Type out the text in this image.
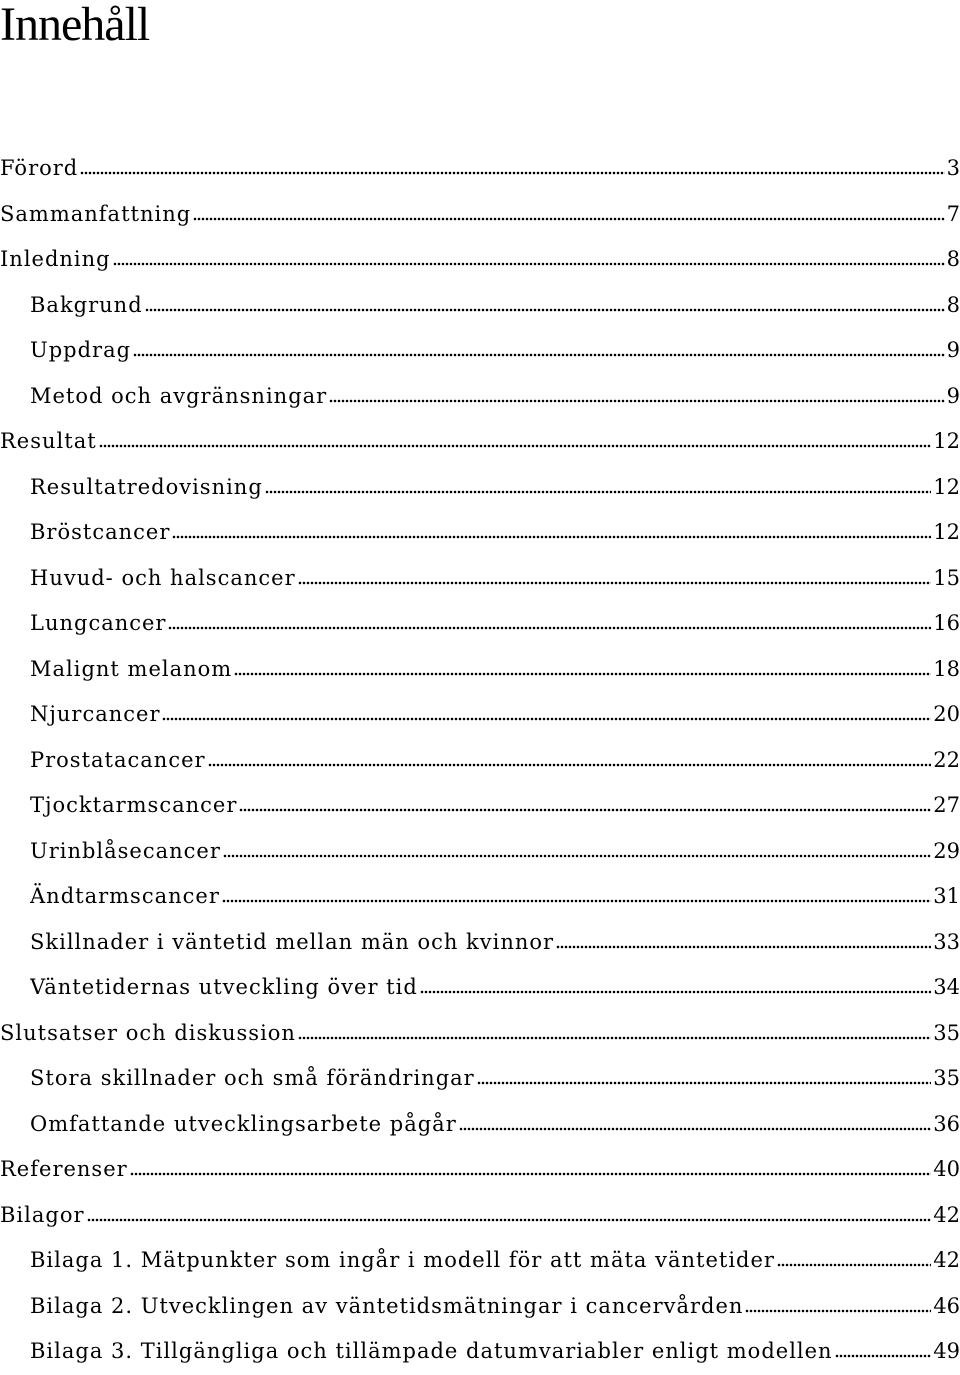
Innehåll
Förord	3
Sammanfattning	7
Inledning	8
Bakgrund	8
Uppdrag	9
Metod och avgränsningar	9
Resultat	12
Resultatredovisning	12
Bröstcancer	12
Huvud- och halscancer	15
Lungcancer	16
Malignt melanom	18
Njurcancer	20
Prostatacancer	22
Tjocktarmscancer	27
Urinblåsecancer	29
Ändtarmscancer	31
Skillnader i väntetid mellan män och kvinnor	33
Väntetidernas utveckling över tid	34
Slutsatser och diskussion	35
Stora skillnader och små förändringar	35
Omfattande utvecklingsarbete pågår	36
Referenser	40
Bilagor	42
Bilaga 1. Mätpunkter som ingår i modell för att mäta väntetider	42
Bilaga 2. Utvecklingen av väntetidsmätningar i cancervården	46
Bilaga 3. Tillgängliga och tillämpade datumvariabler enligt modellen	49
